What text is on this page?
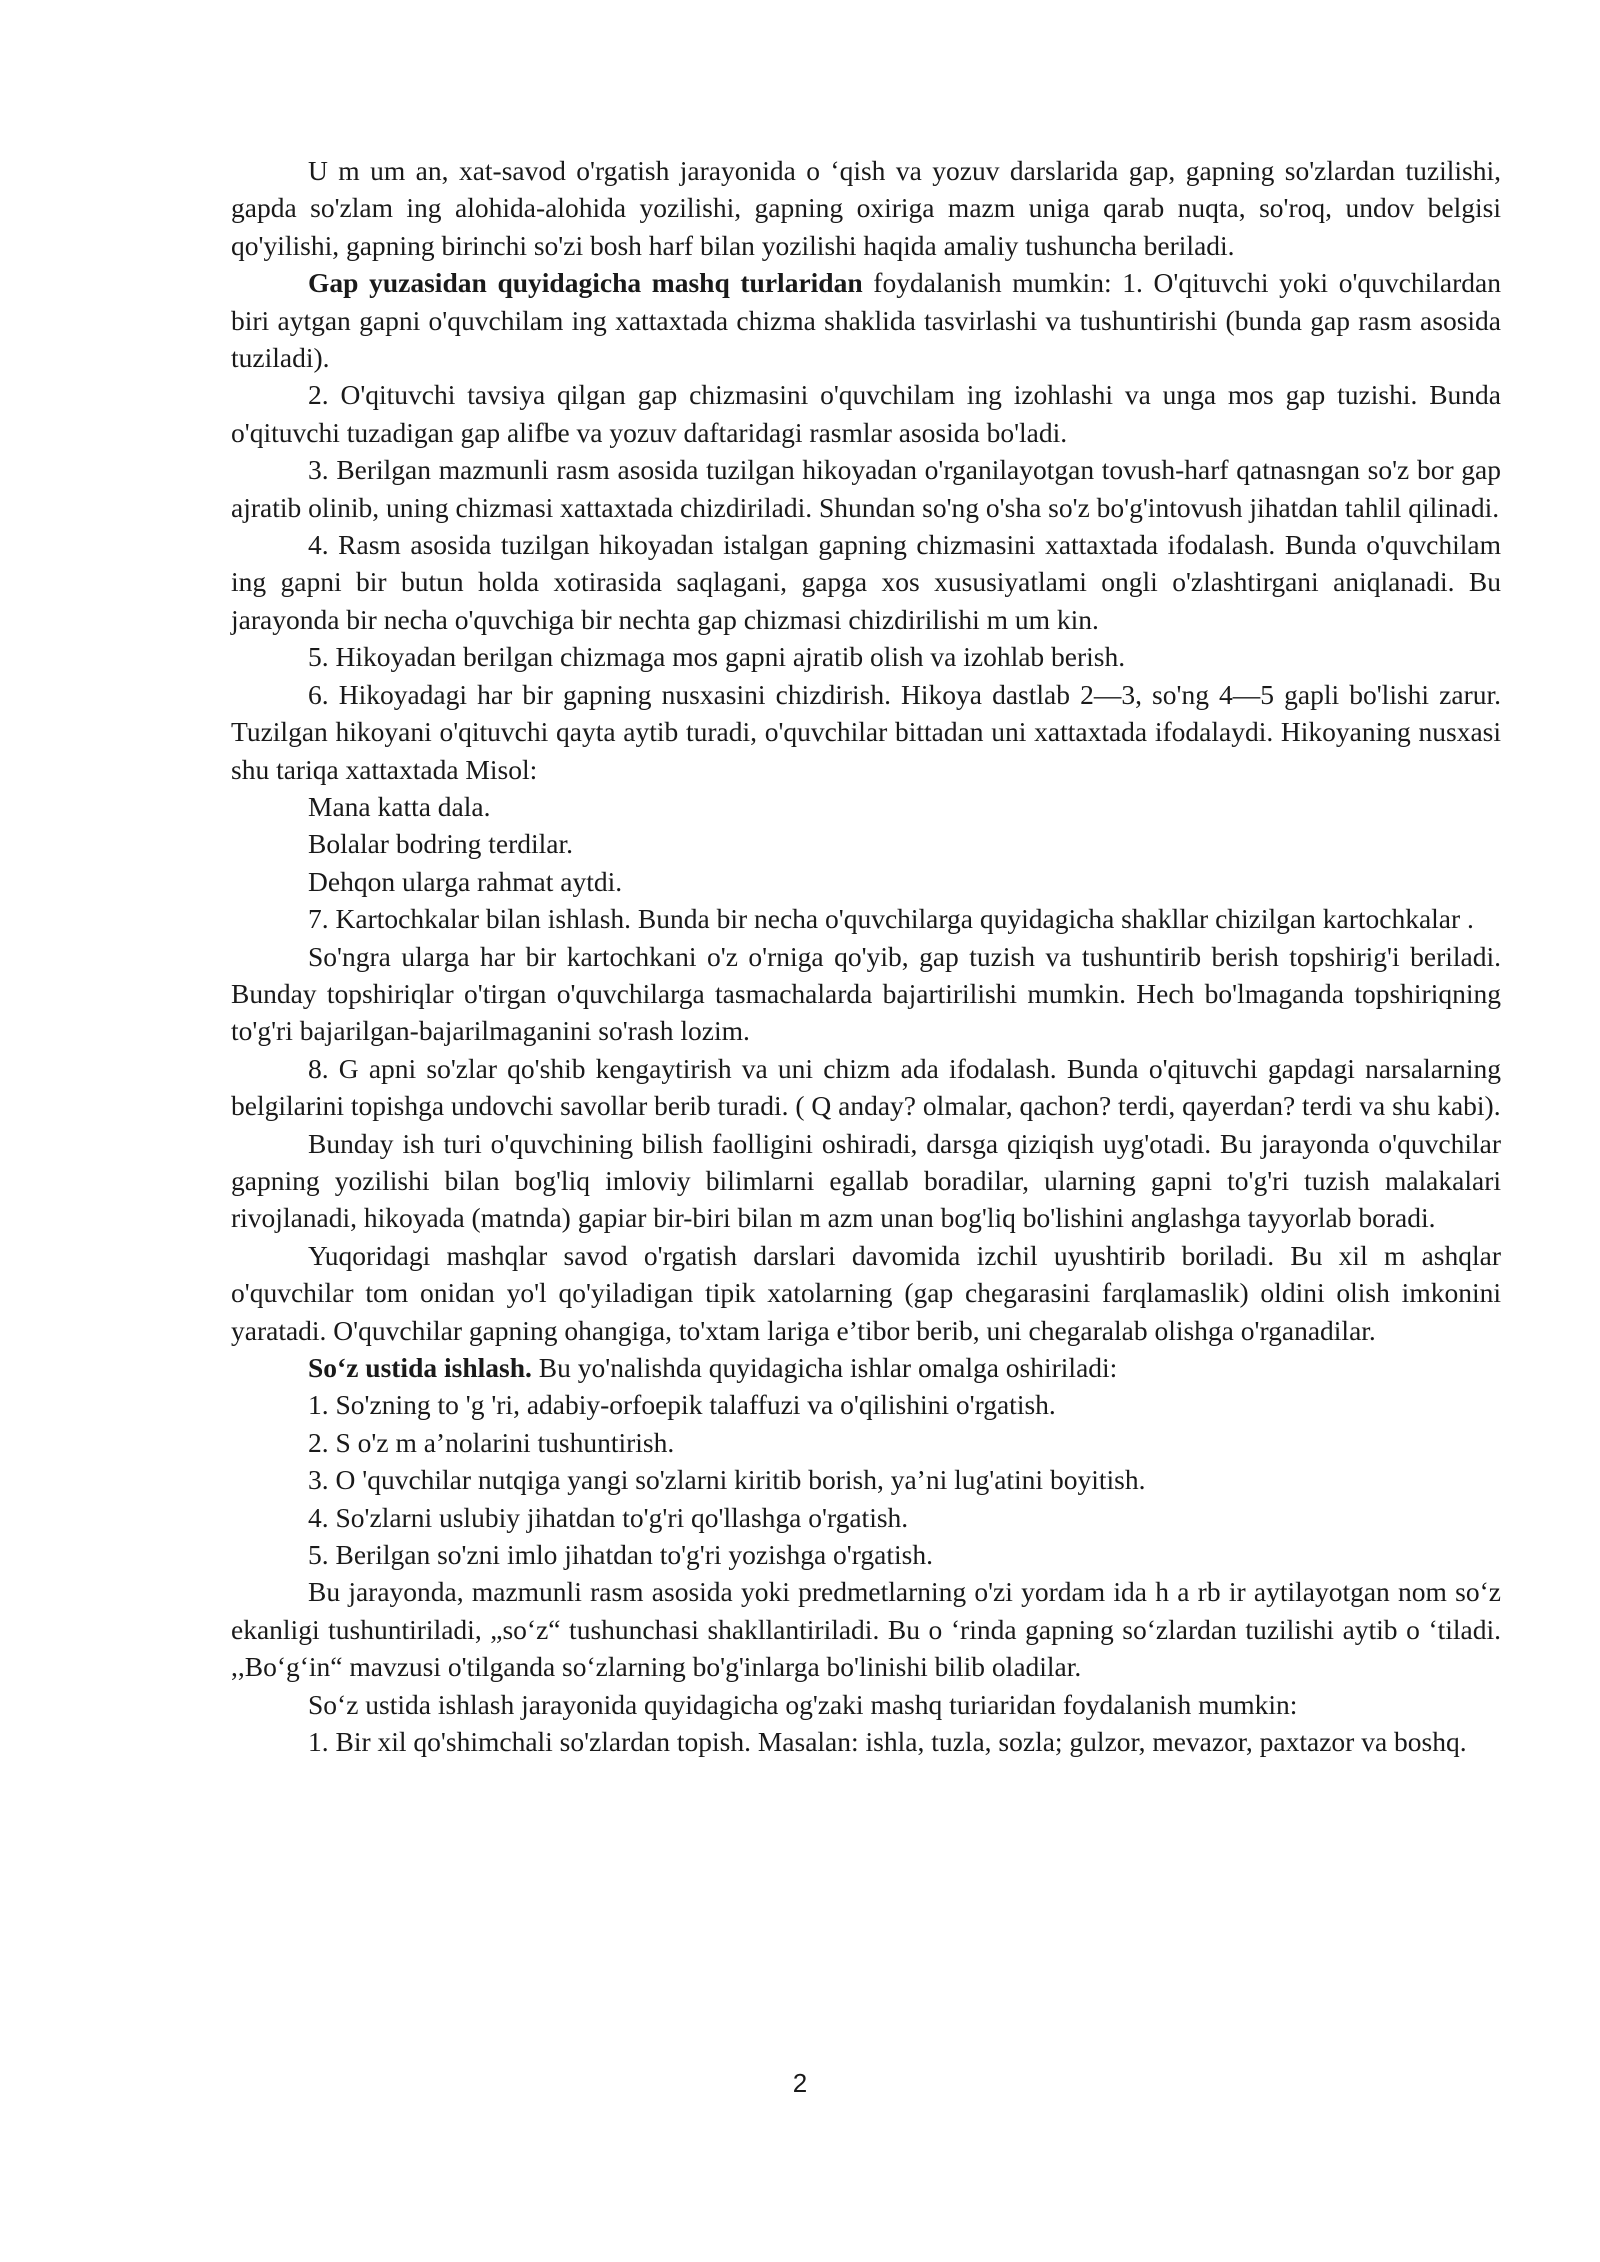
U m um an, xat-savod o'rgatish jarayonida o ‘qish va yozuv darslarida gap, gapning so'zlardan tuzilishi, gapda so'zlam ing alohida-alohida yozilishi, gapning oxiriga mazm uniga qarab nuqta, so'roq, undov belgisi qo'yilishi, gapning birinchi so'zi bosh harf bilan yozilishi haqida amaliy tushuncha beriladi.

Gap yuzasidan quyidagicha mashq turlaridan foydalanish mumkin: 1. O'qituvchi yoki o'quvchilardan biri aytgan gapni o'quvchilam ing xattaxtada chizma shaklida tasvirlashi va tushuntirishi (bunda gap rasm asosida tuziladi).

2. O'qituvchi tavsiya qilgan gap chizmasini o'quvchilam ing izohlashi va unga mos gap tuzishi. Bunda o'qituvchi tuzadigan gap alifbe va yozuv daftaridagi rasmlar asosida bo'ladi.

3. Berilgan mazmunli rasm asosida tuzilgan hikoyadan o'rganilayotgan tovush-harf qatnasngan so'z bor gap ajratib olinib, uning chizmasi xattaxtada chizdiriladi. Shundan so'ng o'sha so'z bo'g'intovush jihatdan tahlil qilinadi.

4. Rasm asosida tuzilgan hikoyadan istalgan gapning chizmasini xattaxtada ifodalash. Bunda o'quvchilam ing gapni bir butun holda xotirasida saqlagani, gapga xos xususiyatlami ongli o'zlashtirgani aniqlanadi. Bu jarayonda bir necha o'quvchiga bir nechta gap chizmasi chizdirilishi m um kin.

5. Hikoyadan berilgan chizmaga mos gapni ajratib olish va izohlab berish.

6. Hikoyadagi har bir gapning nusxasini chizdirish. Hikoya dastlab 2—3, so'ng 4—5 gapli bo'lishi zarur. Tuzilgan hikoyani o'qituvchi qayta aytib turadi, o'quvchilar bittadan uni xattaxtada ifodalaydi. Hikoyaning nusxasi shu tariqa xattaxtada Misol:

Mana katta dala.

Bolalar bodring terdilar.

Dehqon ularga rahmat aytdi.

7. Kartochkalar bilan ishlash. Bunda bir necha o'quvchilarga quyidagicha shakllar chizilgan kartochkalar .

So'ngra ularga har bir kartochkani o'z o'rniga qo'yib, gap tuzish va tushuntirib berish topshirig'i beriladi. Bunday topshiriqlar o'tirgan o'quvchilarga tasmachalarda bajartirilishi mumkin. Hech bo'lmaganda topshiriqning to'g'ri bajarilgan-bajarilmaganini so'rash lozim.

8. G apni so'zlar qo'shib kengaytirish va uni chizm ada ifodalash. Bunda o'qituvchi gapdagi narsalarning belgilarini topishga undovchi savollar berib turadi. ( Q anday? olmalar, qachon? terdi, qayerdan? terdi va shu kabi).

Bunday ish turi o'quvchining bilish faolligini oshiradi, darsga qiziqish uyg'otadi. Bu jarayonda o'quvchilar gapning yozilishi bilan bog'liq imloviy bilimlarni egallab boradilar, ularning gapni to'g'ri tuzish malakalari rivojlanadi, hikoyada (matnda) gapiar bir-biri bilan m azm unan bog'liq bo'lishini anglashga tayyorlab boradi.

Yuqoridagi mashqlar savod o'rgatish darslari davomida izchil uyushtirib boriladi. Bu xil m ashqlar o'quvchilar tom onidan yo'l qo'yiladigan tipik xatolarning (gap chegarasini farqlamaslik) oldini olish imkonini yaratadi. O'quvchilar gapning ohangiga, to'xtam lariga e’tibor berib, uni chegaralab olishga o'rganadilar.

So‘z ustida ishlash. Bu yo'nalishda quyidagicha ishlar omalga oshiriladi:

1. So'zning to 'g 'ri, adabiy-orfoepik talaffuzi va o'qilishini o'rgatish.

2. S o'z m a’nolarini tushuntirish.

3. O 'quvchilar nutqiga yangi so'zlarni kiritib borish, ya’ni lug'atini boyitish.

4. So'zlarni uslubiy jihatdan to'g'ri qo'llashga o'rgatish.

5. Berilgan so'zni imlo jihatdan to'g'ri yozishga o'rgatish.

Bu jarayonda, mazmunli rasm asosida yoki predmetlarning o'zi yordam ida h a rb ir aytilayotgan nom so‘z ekanligi tushuntiriladi, „so‘z“ tushunchasi shakllantiriladi. Bu o ‘rinda gapning so‘zlardan tuzilishi aytib o ‘tiladi. ,,Bo‘g‘in“ mavzusi o'tilganda so‘zlarning bo'g'inlarga bo'linishi bilib oladilar.

So‘z ustida ishlash jarayonida quyidagicha og'zaki mashq turiaridan foydalanish mumkin:

1. Bir xil qo'shimchali so'zlardan topish. Masalan: ishla, tuzla, sozla; gulzor, mevazor, paxtazor va boshq.

2
